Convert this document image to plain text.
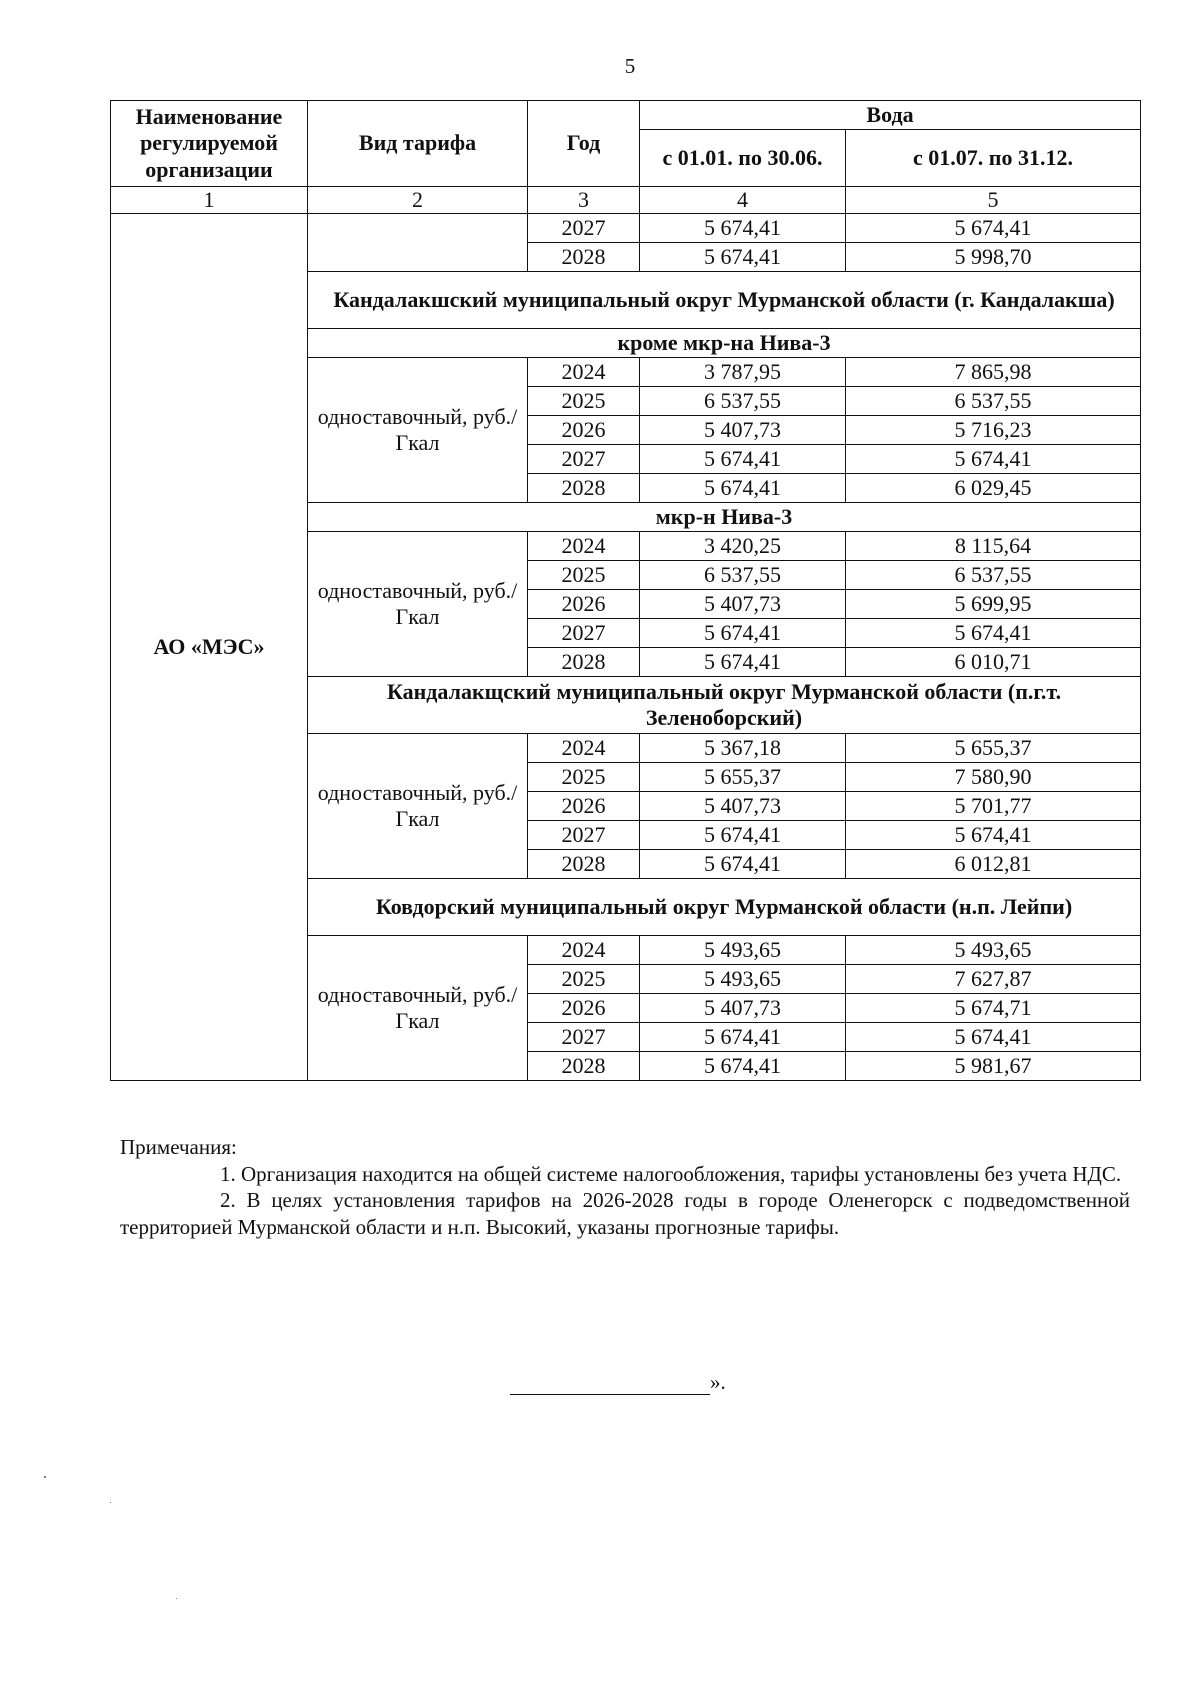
5
Наименование регулируемой организации	Вид тарифа	Год	Вода	
			с 01.01. по 30.06.	с 01.07. по 31.12.
1	2	3	4	5
АО «МЭС»		2027	5 674,41	5 674,41
		2028	5 674,41	5 998,70
	Кандалакшский муниципальный округ Мурманской области (г. Кандалакша)			
	кроме мкр-на Нива-3			
	одноставочный, руб./Гкал	2024	3 787,95	7 865,98
		2025	6 537,55	6 537,55
		2026	5 407,73	5 716,23
		2027	5 674,41	5 674,41
		2028	5 674,41	6 029,45
	мкр-н Нива-3			
	одноставочный, руб./Гкал	2024	3 420,25	8 115,64
		2025	6 537,55	6 537,55
		2026	5 407,73	5 699,95
		2027	5 674,41	5 674,41
		2028	5 674,41	6 010,71
	Кандалакщский муниципальный округ Мурманской области (п.г.т. Зеленоборский)			
	одноставочный, руб./Гкал	2024	5 367,18	5 655,37
		2025	5 655,37	7 580,90
		2026	5 407,73	5 701,77
		2027	5 674,41	5 674,41
		2028	5 674,41	6 012,81
	Ковдорский муниципальный округ Мурманской области (н.п. Лейпи)			
	одноставочный, руб./Гкал	2024	5 493,65	5 493,65
		2025	5 493,65	7 627,87
		2026	5 407,73	5 674,71
		2027	5 674,41	5 674,41
		2028	5 674,41	5 981,67
Примечания:
1. Организация находится на общей системе налогообложения, тарифы установлены без учета НДС.
2. В целях установления тарифов на 2026-2028 годы в городе Оленегорск с подведомственной территорией Мурманской области и н.п. Высокий, указаны прогнозные тарифы.
».
